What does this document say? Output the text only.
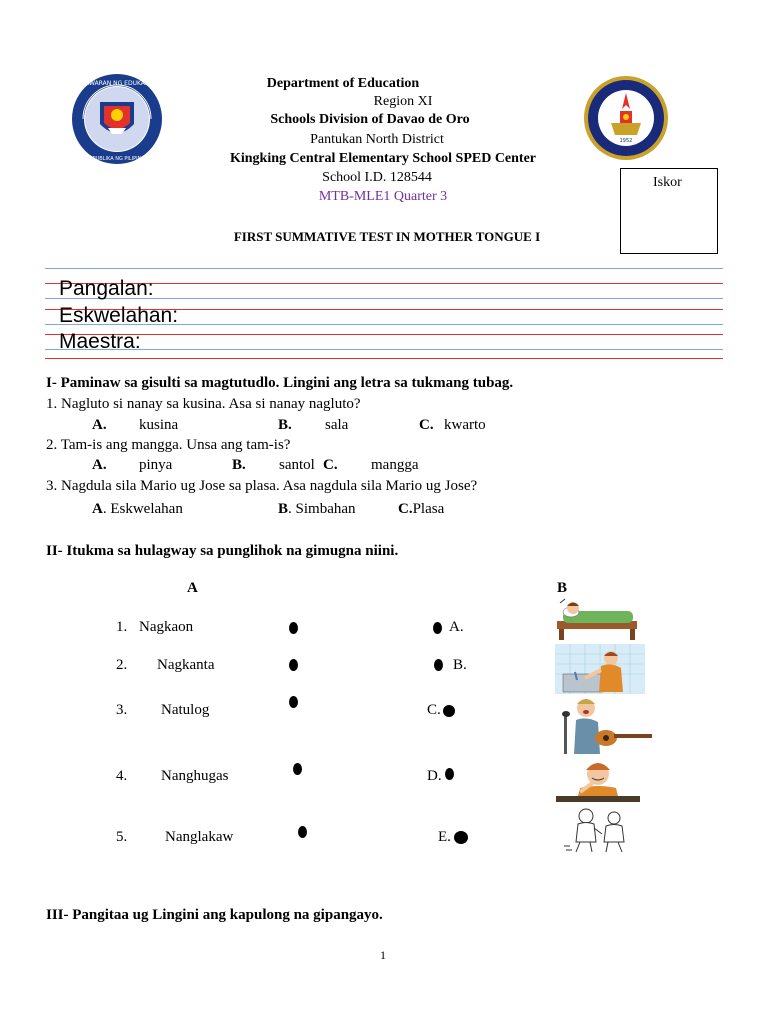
KAGAWARAN NG EDUKASYON
REPUBLIKA NG PILIPINAS
1952
Department of Education
Region XI
Schools Division of Davao de Oro
Pantukan North District
Kingking Central Elementary School SPED Center
School I.D. 128544
MTB-MLE1 Quarter 3
FIRST SUMMATIVE TEST IN MOTHER TONGUE I
Iskor
Pangalan:
Eskwelahan:
Maestra:
I- Paminaw sa gisulti sa magtutudlo. Lingini ang letra sa tukmang tubag.
1. Nagluto si nanay sa kusina. Asa si nanay nagluto?
A. kusina	B. sala	C. kwarto
2. Tam-is ang mangga. Unsa ang tam-is?
A. pinya	B. santol C. mangga
3. Nagdula sila Mario ug Jose sa plasa. Asa nagdula sila Mario ug Jose?
A. Eskwelahan	B. Simbahan	C.Plasa
II- Itukma sa hulagway sa punglihok na gimugna niini.
A	B
1. Nagkaon
2. Nagkanta
3. Natulog
4. Nanghugas
5.	Nanglakaw
A.
B.
C.
D.
E.
III- Pangitaa ug Lingini ang kapulong na gipangayo.
1
